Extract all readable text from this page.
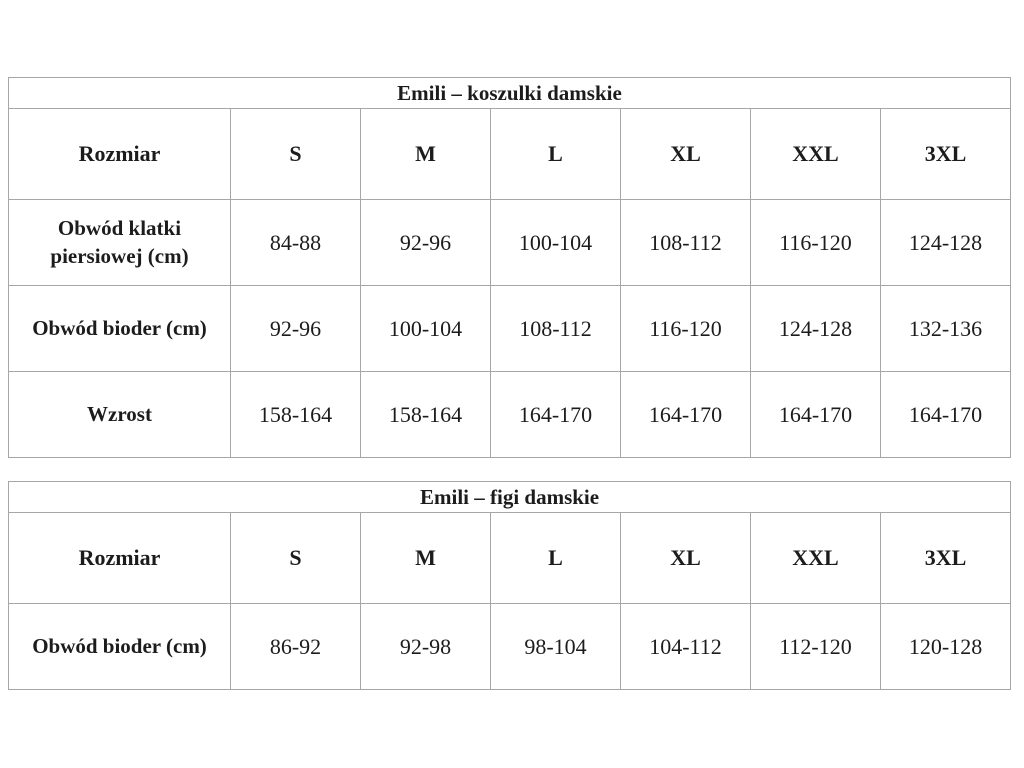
Emili – koszulki damskie						
Rozmiar	S	M	L	XL	XXL	3XL
Obwód klatki piersiowej (cm)	84-88	92-96	100-104	108-112	116-120	124-128
Obwód bioder (cm)	92-96	100-104	108-112	116-120	124-128	132-136
Wzrost	158-164	158-164	164-170	164-170	164-170	164-170
Emili – figi damskie						
Rozmiar	S	M	L	XL	XXL	3XL
Obwód bioder (cm)	86-92	92-98	98-104	104-112	112-120	120-128
